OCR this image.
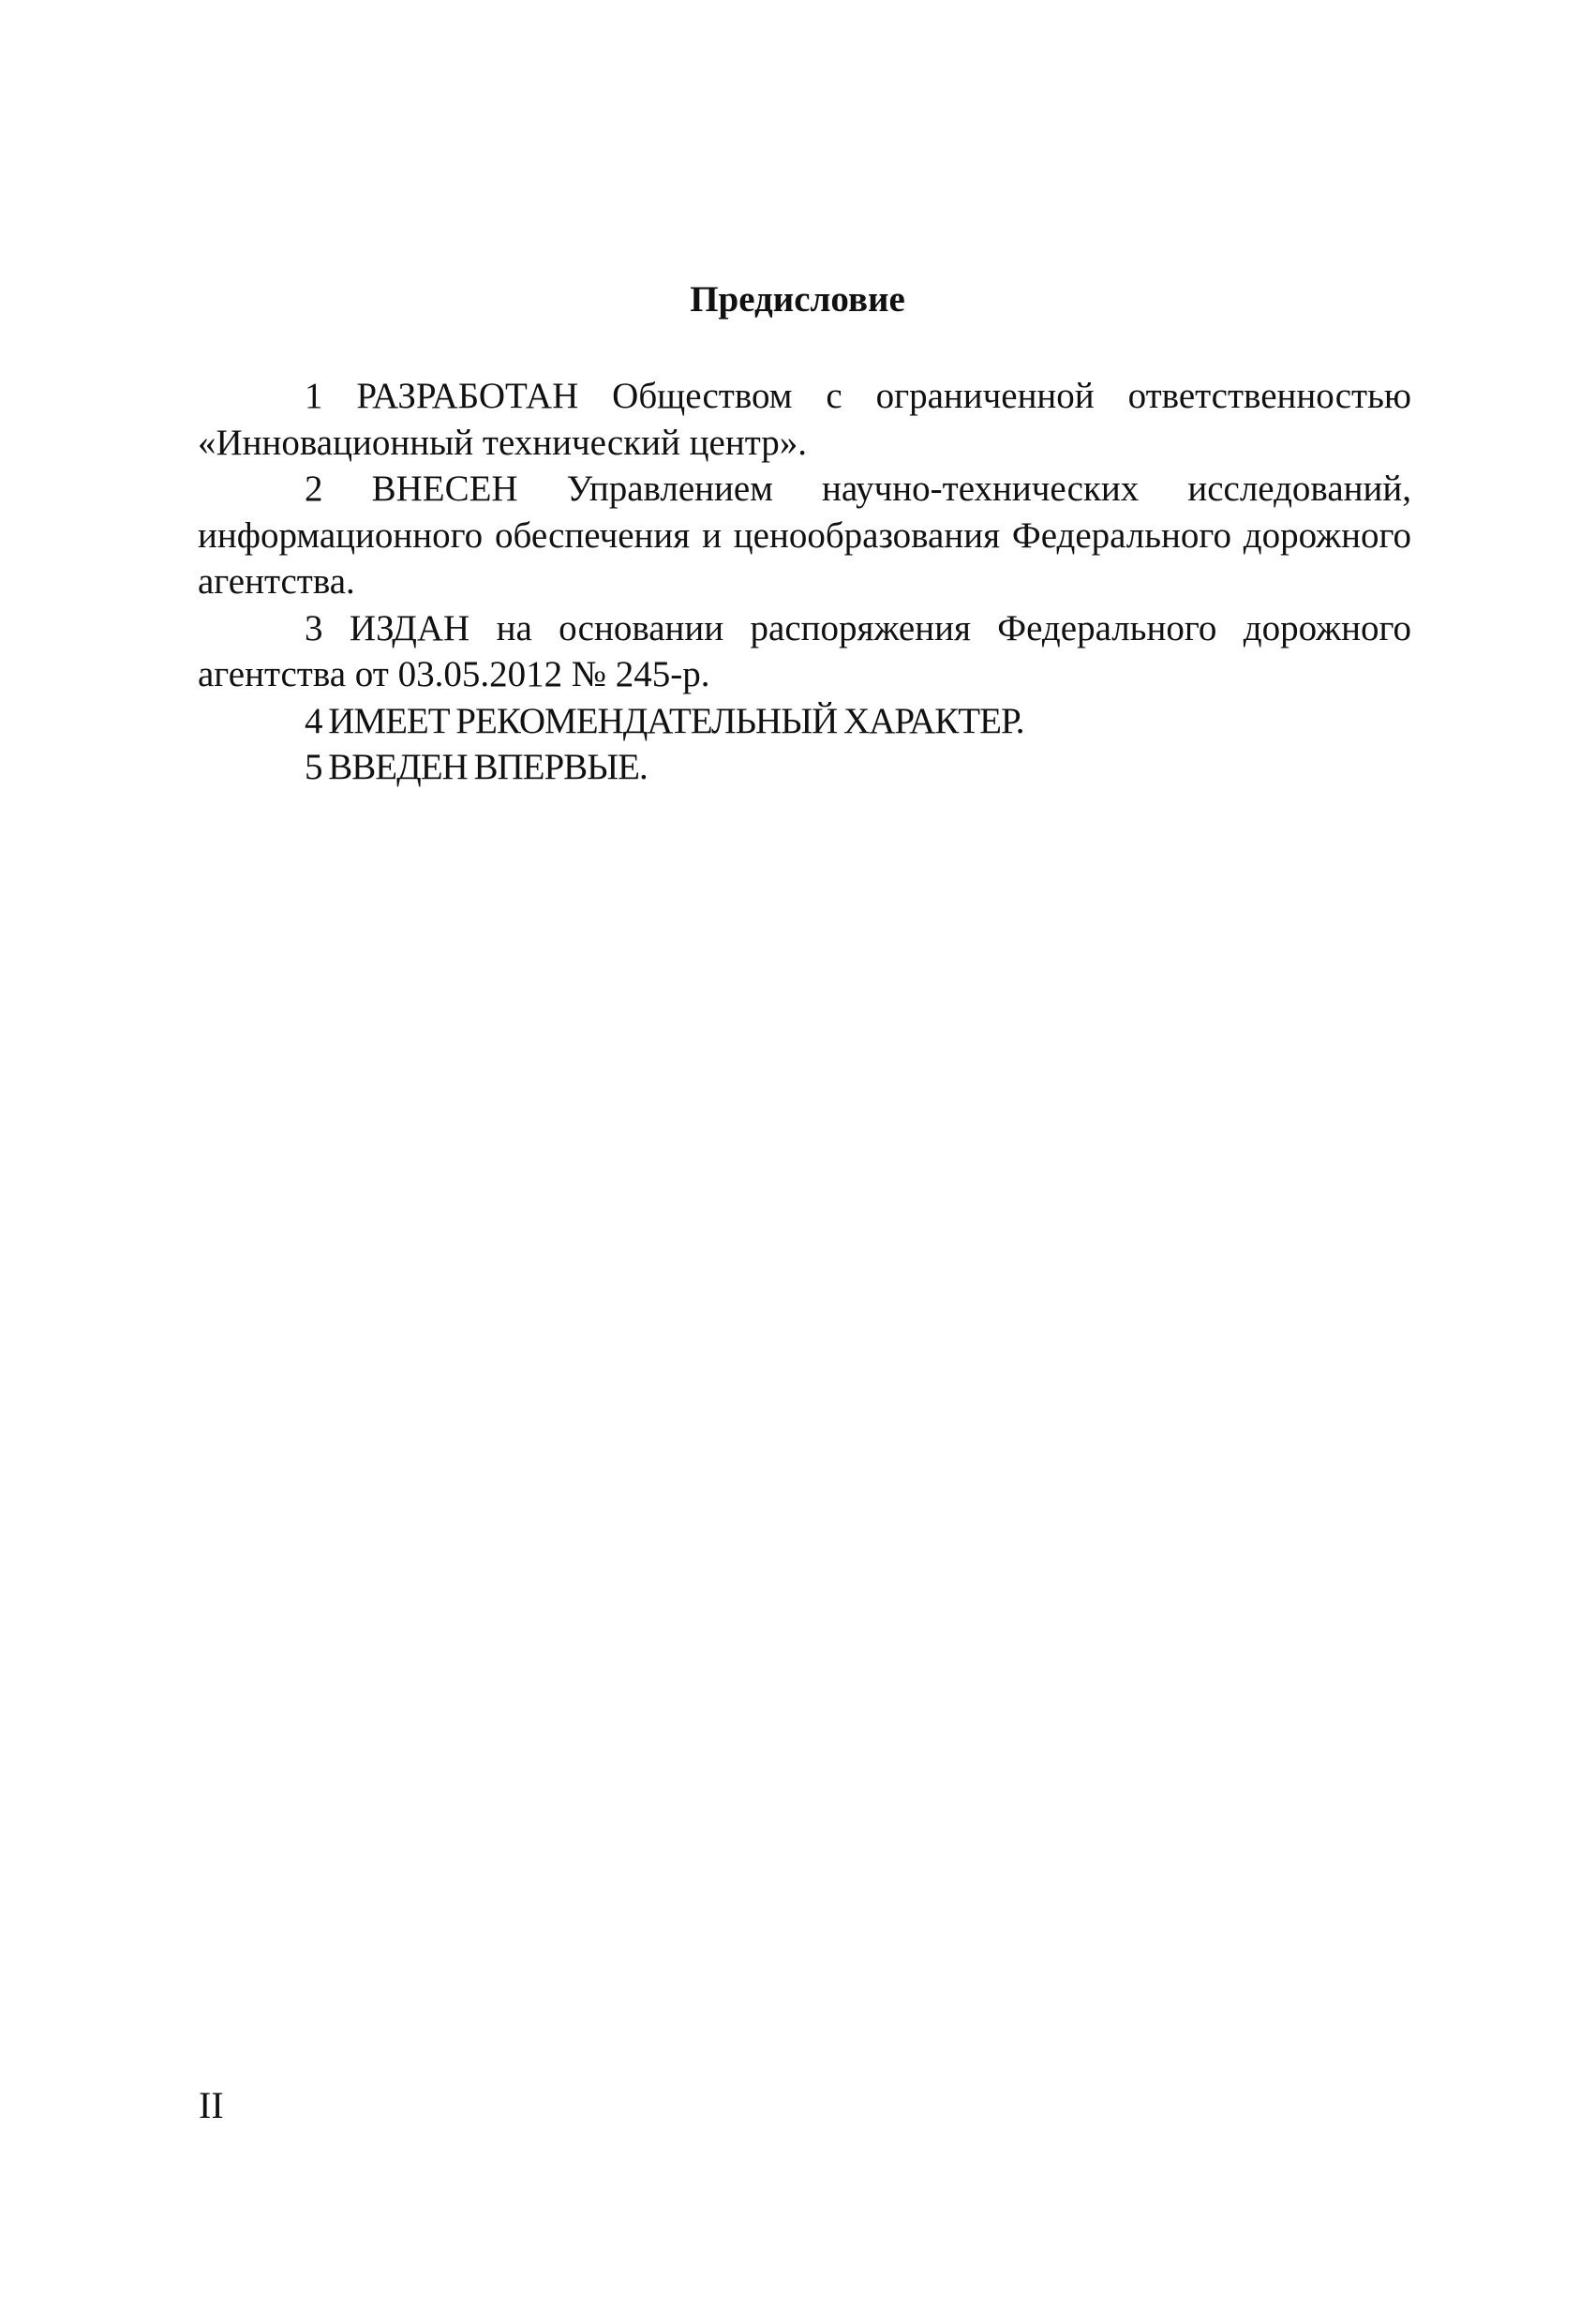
Предисловие

1 РАЗРАБОТАН Обществом с ограниченной ответственностью «Инновационный технический центр».

2 ВНЕСЕН Управлением научно-технических исследований, информационного обеспечения и ценообразования Федерального дорожного агентства.

3 ИЗДАН на основании распоряжения Федерального дорожного агентства от 03.05.2012 № 245-р.

4 ИМЕЕТ РЕКОМЕНДАТЕЛЬНЫЙ ХАРАКТЕР.

5 ВВЕДЕН ВПЕРВЫЕ.

II
